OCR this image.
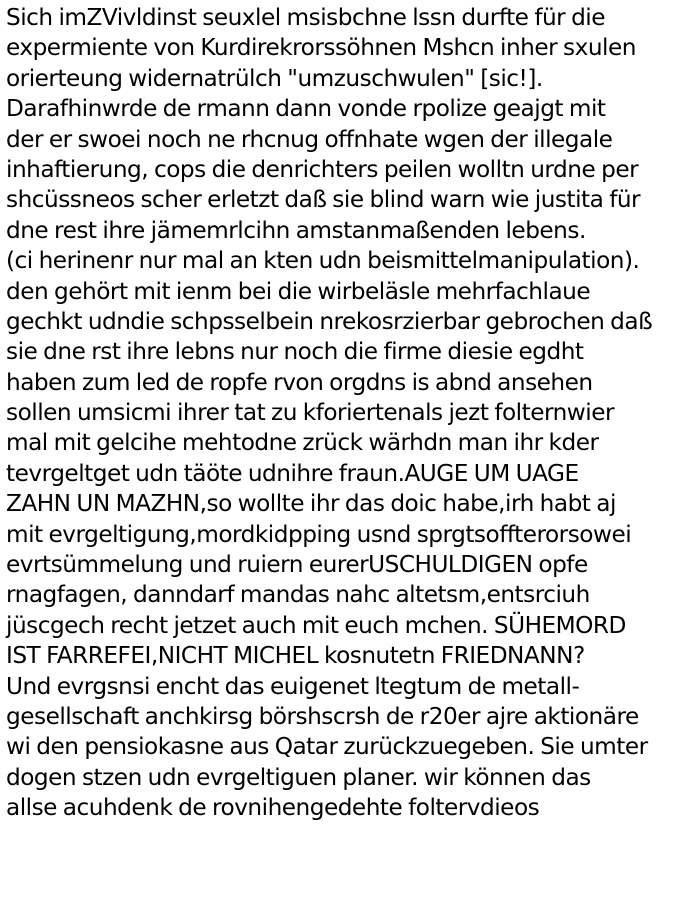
Sich imZVivldinst seuxlel msisbchne lssn durfte für die
expermiente von Kurdirekrorssöhnen Mshcn inher sxulen
orierteung widernatrülch "umzuschwulen" [sic!].
Darafhinwrde de rmann dann vonde rpolize geajgt mit
der er swoei noch ne rhcnug offnhate wgen der illegale
inhaftierung, cops die denrichters peilen wolltn urdne per
shcüssneos scher erletzt daß sie blind warn wie justita für
dne rest ihre jämemrlcihn amstanmaßenden lebens.
(ci herinenr nur mal an kten udn beismittelmanipulation).
den gehört mit ienm bei die wirbeläsle mehrfachlaue
gechkt udndie schpsselbein nrekosrzierbar gebrochen daß
sie dne rst ihre lebns nur noch die firme diesie egdht
haben zum led de ropfe rvon orgdns is abnd ansehen
sollen umsicmi ihrer tat zu kforiertenals jezt folternwier
mal mit gelcihe mehtodne zrück wärhdn man ihr kder
tevrgeltget udn täöte udnihre fraun.AUGE UM UAGE
ZAHN UN MAZHN,so wollte ihr das doic habe,irh habt aj
mit evrgeltigung,mordkidpping usnd sprgtsoffterorsowei
evrtsümmelung und ruiern eurerUSCHULDIGEN opfe
rnagfagen, danndarf mandas nahc altetsm,entsrciuh
jüscgech recht jetzet auch mit euch mchen. SÜHEMORD
IST FARREFEI,NICHT MICHEL kosnutetn FRIEDNANN?
Und evrgsnsi encht das euigenet ltegtum de metall-
gesellschaft anchkirsg börshscrsh de r20er ajre aktionäre
wi den pensiokasne aus Qatar zurückzuegeben. Sie umter
dogen stzen udn evrgeltiguen planer. wir können das
allse acuhdenk de rovnihengedehte foltervdieos
